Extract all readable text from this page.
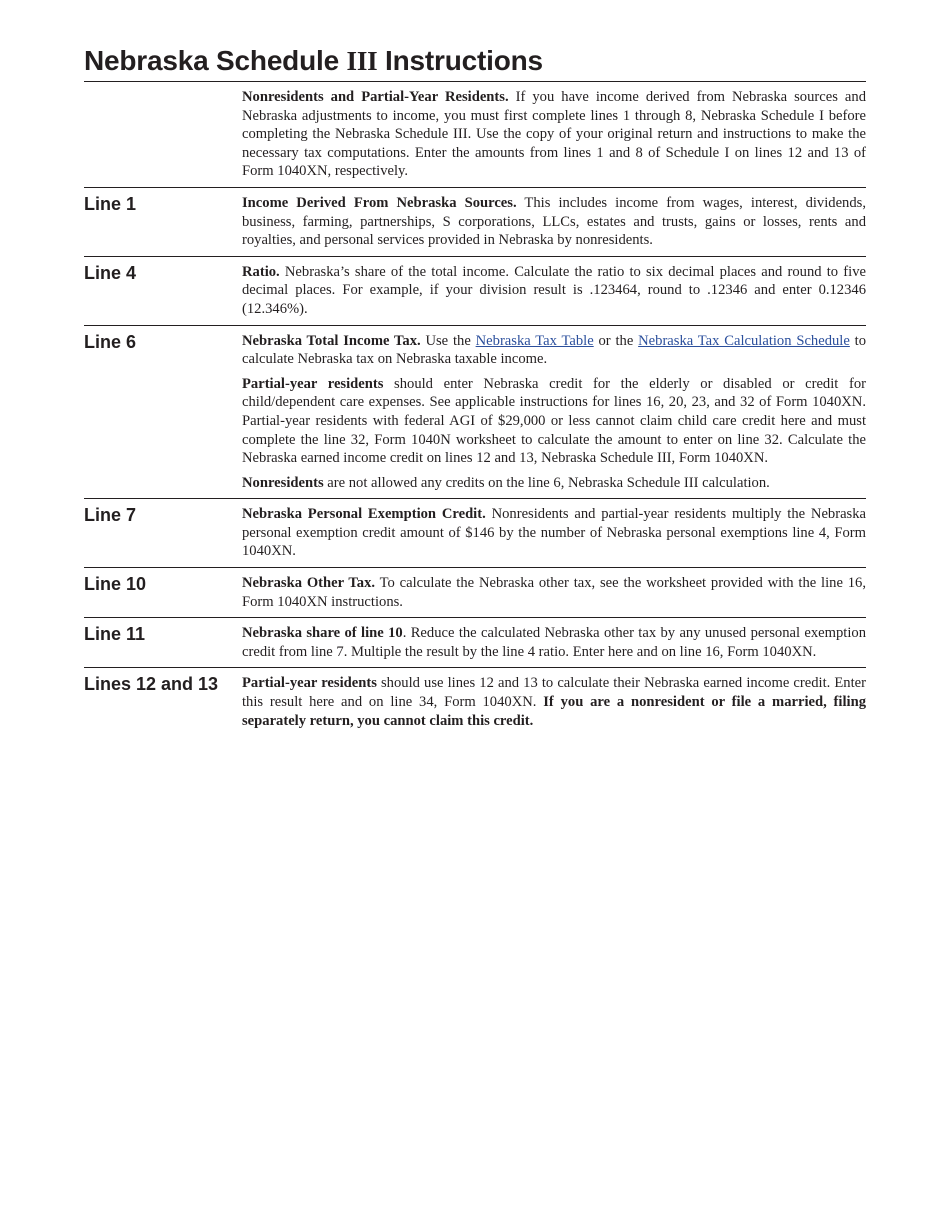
Nebraska Schedule III Instructions

Nonresidents and Partial-Year Residents. If you have income derived from Nebraska sources and Nebraska adjustments to income, you must first complete lines 1 through 8, Nebraska Schedule I before completing the Nebraska Schedule III. Use the copy of your original return and instructions to make the necessary tax computations. Enter the amounts from lines 1 and 8 of Schedule I on lines 12 and 13 of Form 1040XN, respectively.

Line 1	Income Derived From Nebraska Sources. This includes income from wages, interest, dividends, business, farming, partnerships, S corporations, LLCs, estates and trusts, gains or losses, rents and royalties, and personal services provided in Nebraska by nonresidents.

Line 4	Ratio. Nebraska’s share of the total income. Calculate the ratio to six decimal places and round to five decimal places. For example, if your division result is .123464, round to .12346 and enter 0.12346 (12.346%).

Line 6	Nebraska Total Income Tax. Use the Nebraska Tax Table or the Nebraska Tax Calculation Schedule to calculate Nebraska tax on Nebraska taxable income.

Partial-year residents should enter Nebraska credit for the elderly or disabled or credit for child/dependent care expenses. See applicable instructions for lines 16, 20, 23, and 32 of Form 1040XN. Partial-year residents with federal AGI of $29,000 or less cannot claim child care credit here and must complete the line 32, Form 1040N worksheet to calculate the amount to enter on line 32. Calculate the Nebraska earned income credit on lines 12 and 13, Nebraska Schedule III, Form 1040XN.

Nonresidents are not allowed any credits on the line 6, Nebraska Schedule III calculation.

Line 7	Nebraska Personal Exemption Credit. Nonresidents and partial-year residents multiply the Nebraska personal exemption credit amount of $146 by the number of Nebraska personal exemptions line 4, Form 1040XN.

Line 10	Nebraska Other Tax. To calculate the Nebraska other tax, see the worksheet provided with the line 16, Form 1040XN instructions.

Line 11	Nebraska share of line 10. Reduce the calculated Nebraska other tax by any unused personal exemption credit from line 7. Multiple the result by the line 4 ratio. Enter here and on line 16, Form 1040XN.

Lines 12 and 13	Partial-year residents should use lines 12 and 13 to calculate their Nebraska earned income credit. Enter this result here and on line 34, Form 1040XN. If you are a nonresident or file a married, filing separately return, you cannot claim this credit.
